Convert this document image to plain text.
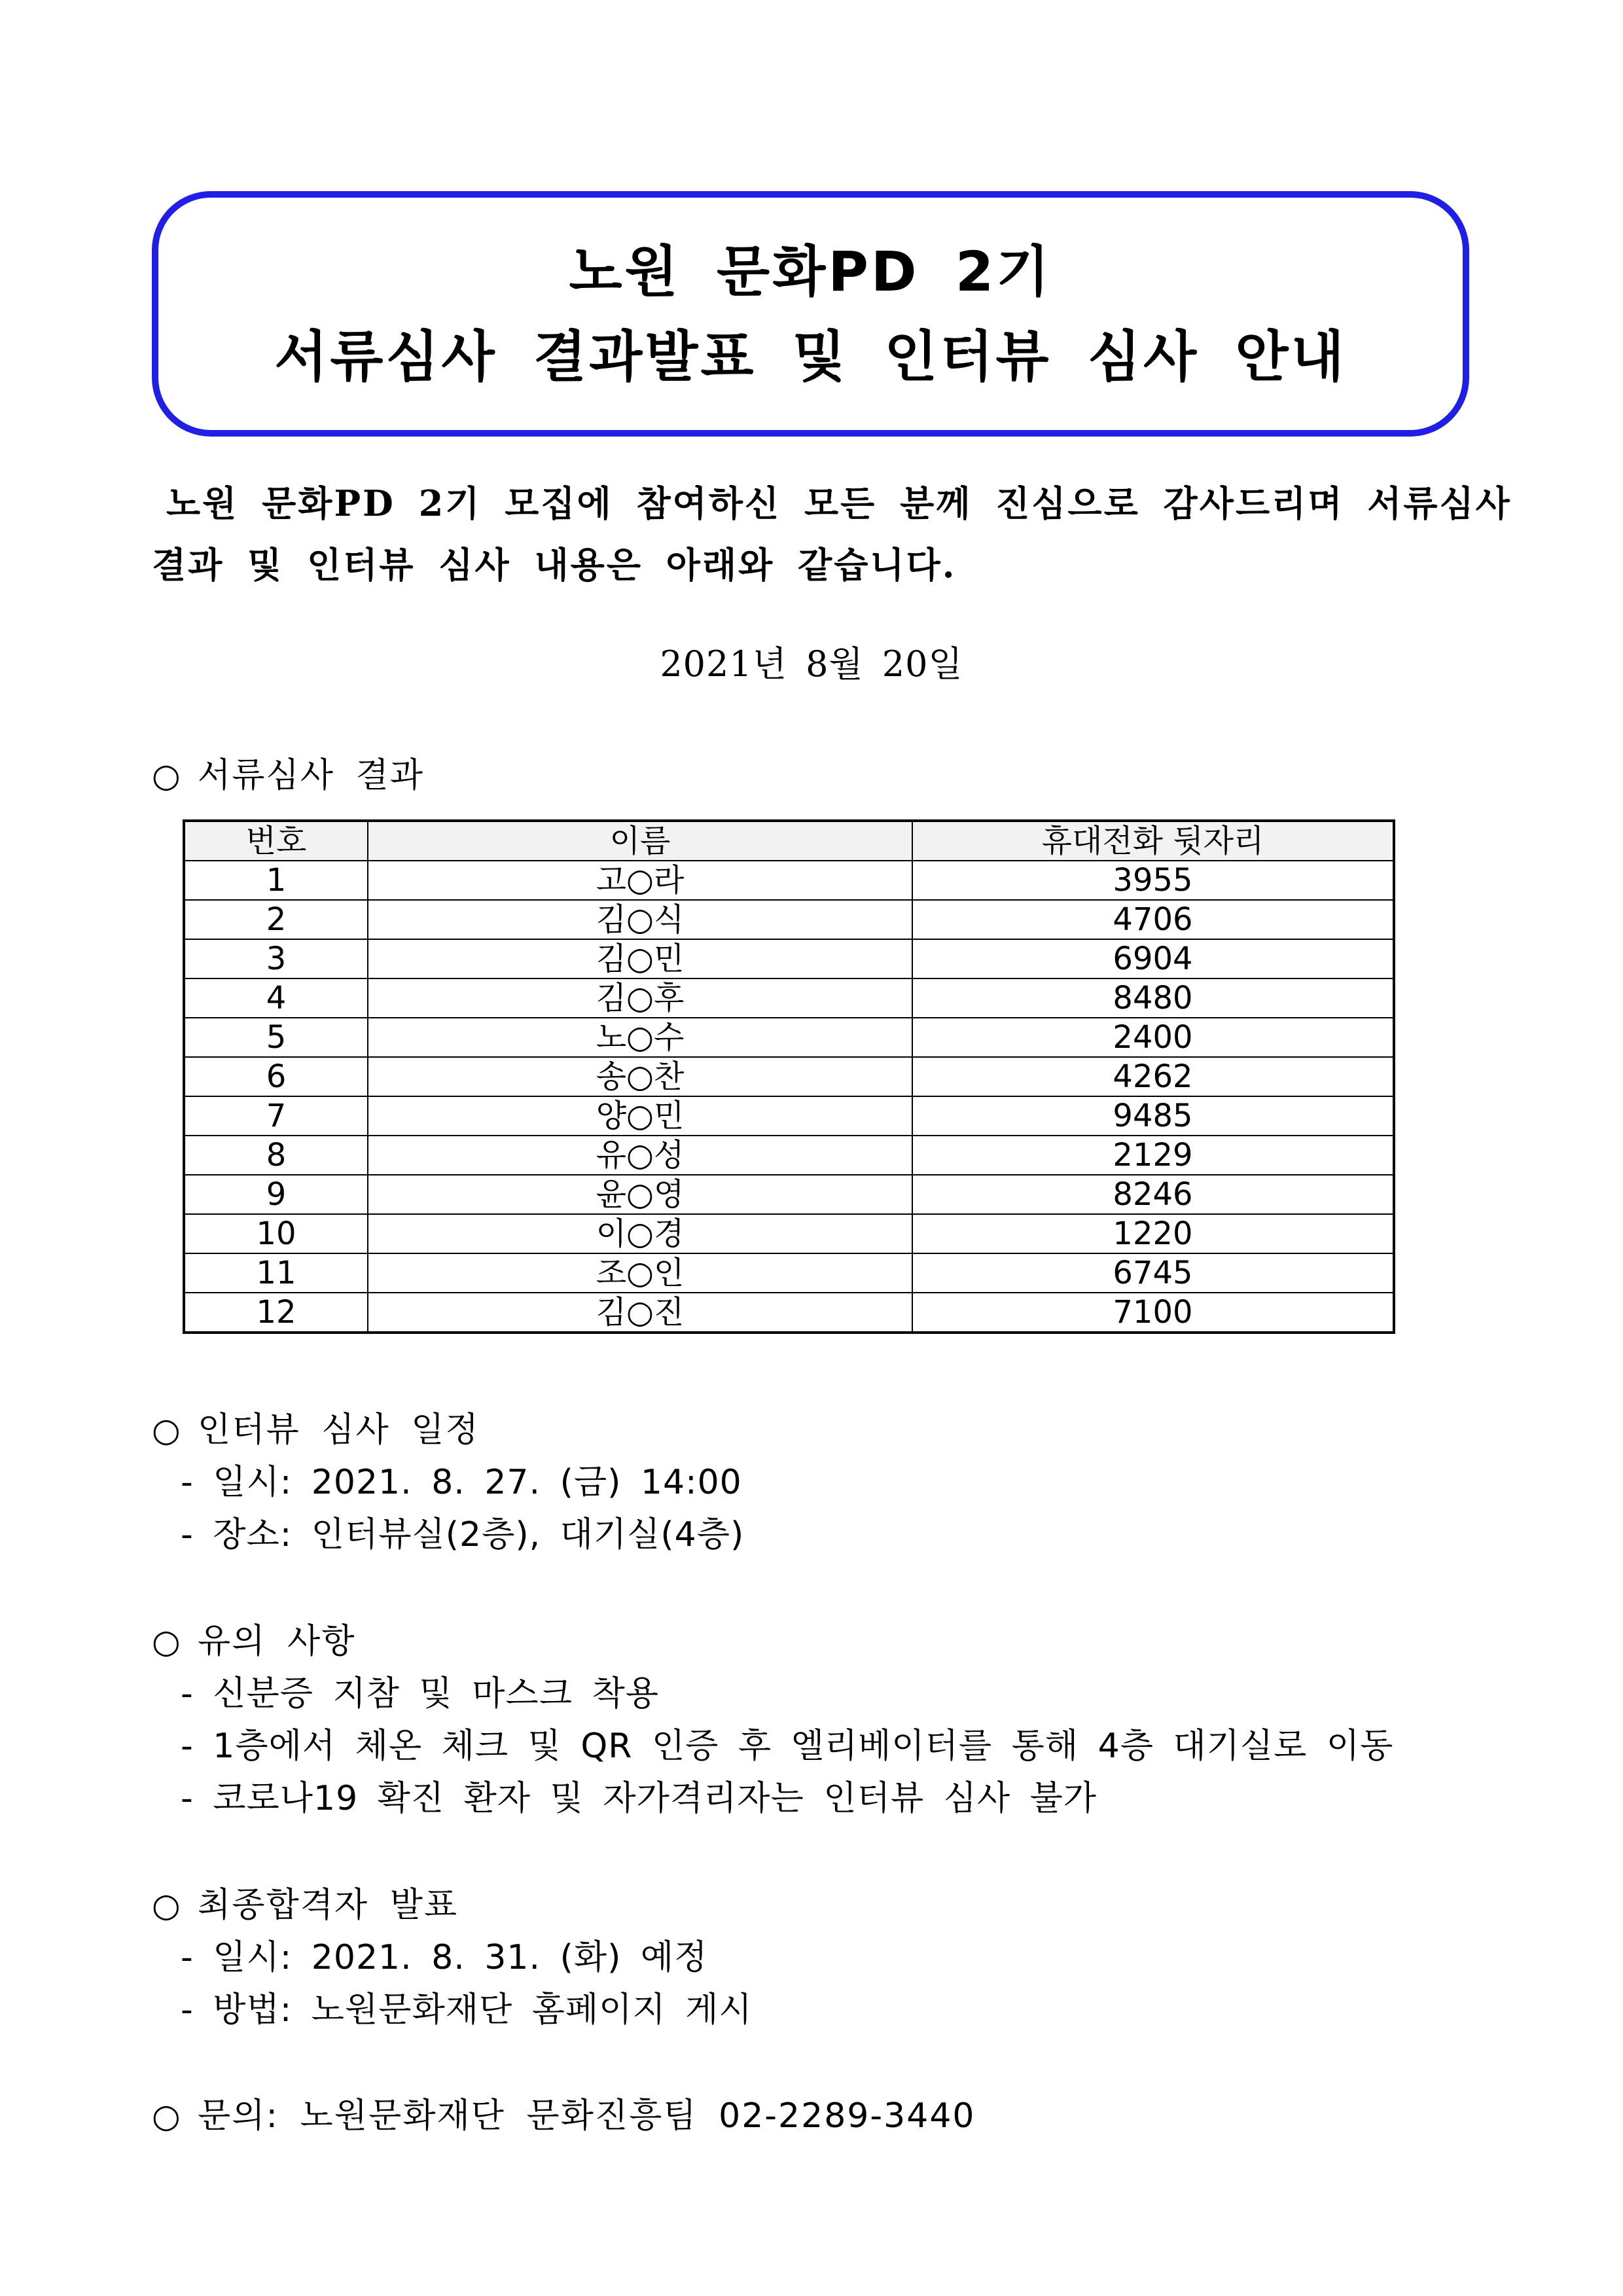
노원 문화PD 2기
서류심사 결과발표 및 인터뷰 심사 안내
노원 문화PD 2기 모집에 참여하신 모든 분께 진심으로 감사드리며 서류심사
결과 및 인터뷰 심사 내용은 아래와 같습니다.
2021년 8월 20일
○ 서류심사 결과
번호	이름	휴대전화 뒷자리
1	고○라	3955
2	김○식	4706
3	김○민	6904
4	김○후	8480
5	노○수	2400
6	송○찬	4262
7	양○민	9485
8	유○성	2129
9	윤○영	8246
10	이○경	1220
11	조○인	6745
12	김○진	7100
○ 인터뷰 심사 일정
- 일시: 2021. 8. 27. (금) 14:00
- 장소: 인터뷰실(2층), 대기실(4층)
○ 유의 사항
- 신분증 지참 및 마스크 착용
- 1층에서 체온 체크 및 QR 인증 후 엘리베이터를 통해 4층 대기실로 이동
- 코로나19 확진 환자 및 자가격리자는 인터뷰 심사 불가
○ 최종합격자 발표
- 일시: 2021. 8. 31. (화) 예정
- 방법: 노원문화재단 홈페이지 게시
○ 문의: 노원문화재단 문화진흥팀 02-2289-3440
